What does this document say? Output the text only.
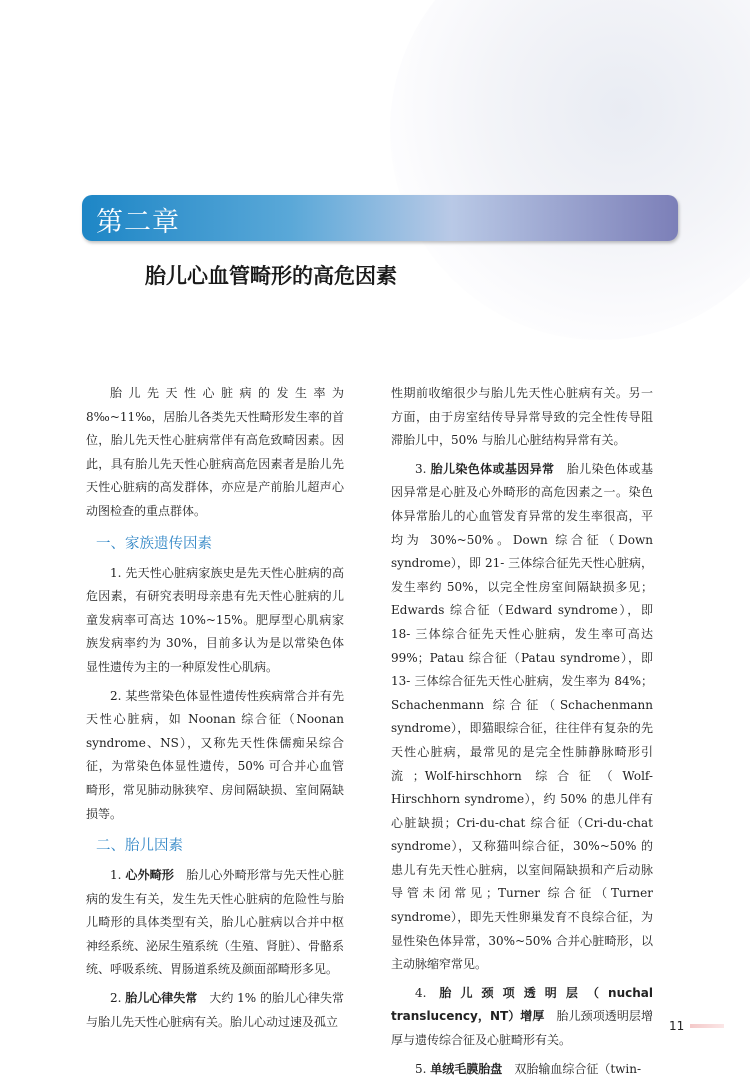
第二章
胎儿心血管畸形的高危因素

胎儿先天性心脏病的发生率为 8‰~11‰，居胎儿各类先天性畸形发生率的首位，胎儿先天性心脏病常伴有高危致畸因素。因此，具有胎儿先天性心脏病高危因素者是胎儿先天性心脏病的高发群体，亦应是产前胎儿超声心动图检查的重点群体。

一、家族遗传因素

1. 先天性心脏病家族史是先天性心脏病的高危因素，有研究表明母亲患有先天性心脏病的儿童发病率可高达 10%~15%。肥厚型心肌病家族发病率约为 30%，目前多认为是以常染色体显性遗传为主的一种原发性心肌病。

2. 某些常染色体显性遗传性疾病常合并有先天性心脏病，如 Noonan 综合征（Noonan syndrome、NS），又称先天性侏儒痴呆综合征，为常染色体显性遗传，50% 可合并心血管畸形，常见肺动脉狭窄、房间隔缺损、室间隔缺损等。

二、胎儿因素

1. 心外畸形　 胎儿心外畸形常与先天性心脏病的发生有关，发生先天性心脏病的危险性与胎儿畸形的具体类型有关，胎儿心脏病以合并中枢神经系统、泌尿生殖系统（生殖、肾脏）、骨骼系统、呼吸系统、胃肠道系统及颜面部畸形多见。

2. 胎儿心律失常　 大约 1% 的胎儿心律失常与胎儿先天性心脏病有关。胎儿心动过速及孤立

性期前收缩很少与胎儿先天性心脏病有关。另一方面，由于房室结传导异常导致的完全性传导阻滞胎儿中，50% 与胎儿心脏结构异常有关。

3. 胎儿染色体或基因异常　 胎儿染色体或基因异常是心脏及心外畸形的高危因素之一。染色体异常胎儿的心血管发育异常的发生率很高，平均为 30%~50%。Down 综合征（Down syndrome），即 21- 三体综合征先天性心脏病，发生率约 50%，以完全性房室间隔缺损多见；Edwards 综合征（Edward syndrome），即 18- 三体综合征先天性心脏病，发生率可高达 99%；Patau 综合征（Patau syndrome），即 13- 三体综合征先天性心脏病，发生率为 84%；Schachenmann 综合征（Schachenmann syndrome），即猫眼综合征，往往伴有复杂的先天性心脏病，最常见的是完全性肺静脉畸形引流；Wolf-hirschhorn 综合征（Wolf-Hirschhorn syndrome），约 50% 的患儿伴有心脏缺损；Cri-du-chat 综合征（Cri-du-chat syndrome），又称猫叫综合征，30%~50% 的患儿有先天性心脏病，以室间隔缺损和产后动脉导管未闭常见；Turner 综合征（Turner syndrome），即先天性卵巢发育不良综合征，为显性染色体异常，30%~50% 合并心脏畸形，以主动脉缩窄常见。

4. 胎儿颈项透明层（nuchal translucency，NT）增厚　 胎儿颈项透明层增厚与遗传综合征及心脏畸形有关。

5. 单绒毛膜胎盘　 双胎输血综合征（twin-

11
